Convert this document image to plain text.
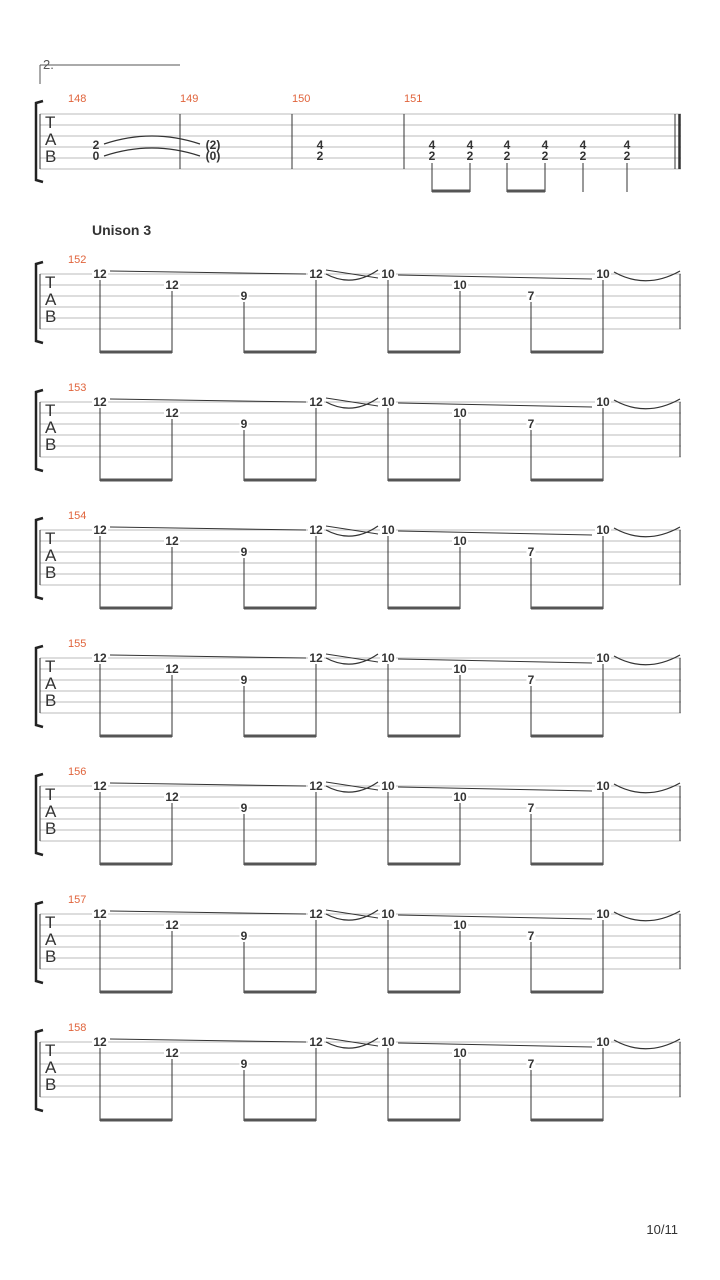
2.
T
A
B
148	149	150	151
2
0
(2)
(0)
4
2
4
2
4
2
4
2
4
2
4
2
4
2
Unison 3
T
A
B
152
12
12
9
12	10
10
7
10
T
A
B
153
12
12
9
12	10
10
7
10
T
A
B
154
12
12
9
12	10
10
7
10
T
A
B
155
12
12
9
12	10
10
7
10
T
A
B
156
12
12
9
12	10
10
7
10
T
A
B
157
12
12
9
12	10
10
7
10
T
A
B
158
12
12
9
12	10
10
7
10
10/11
